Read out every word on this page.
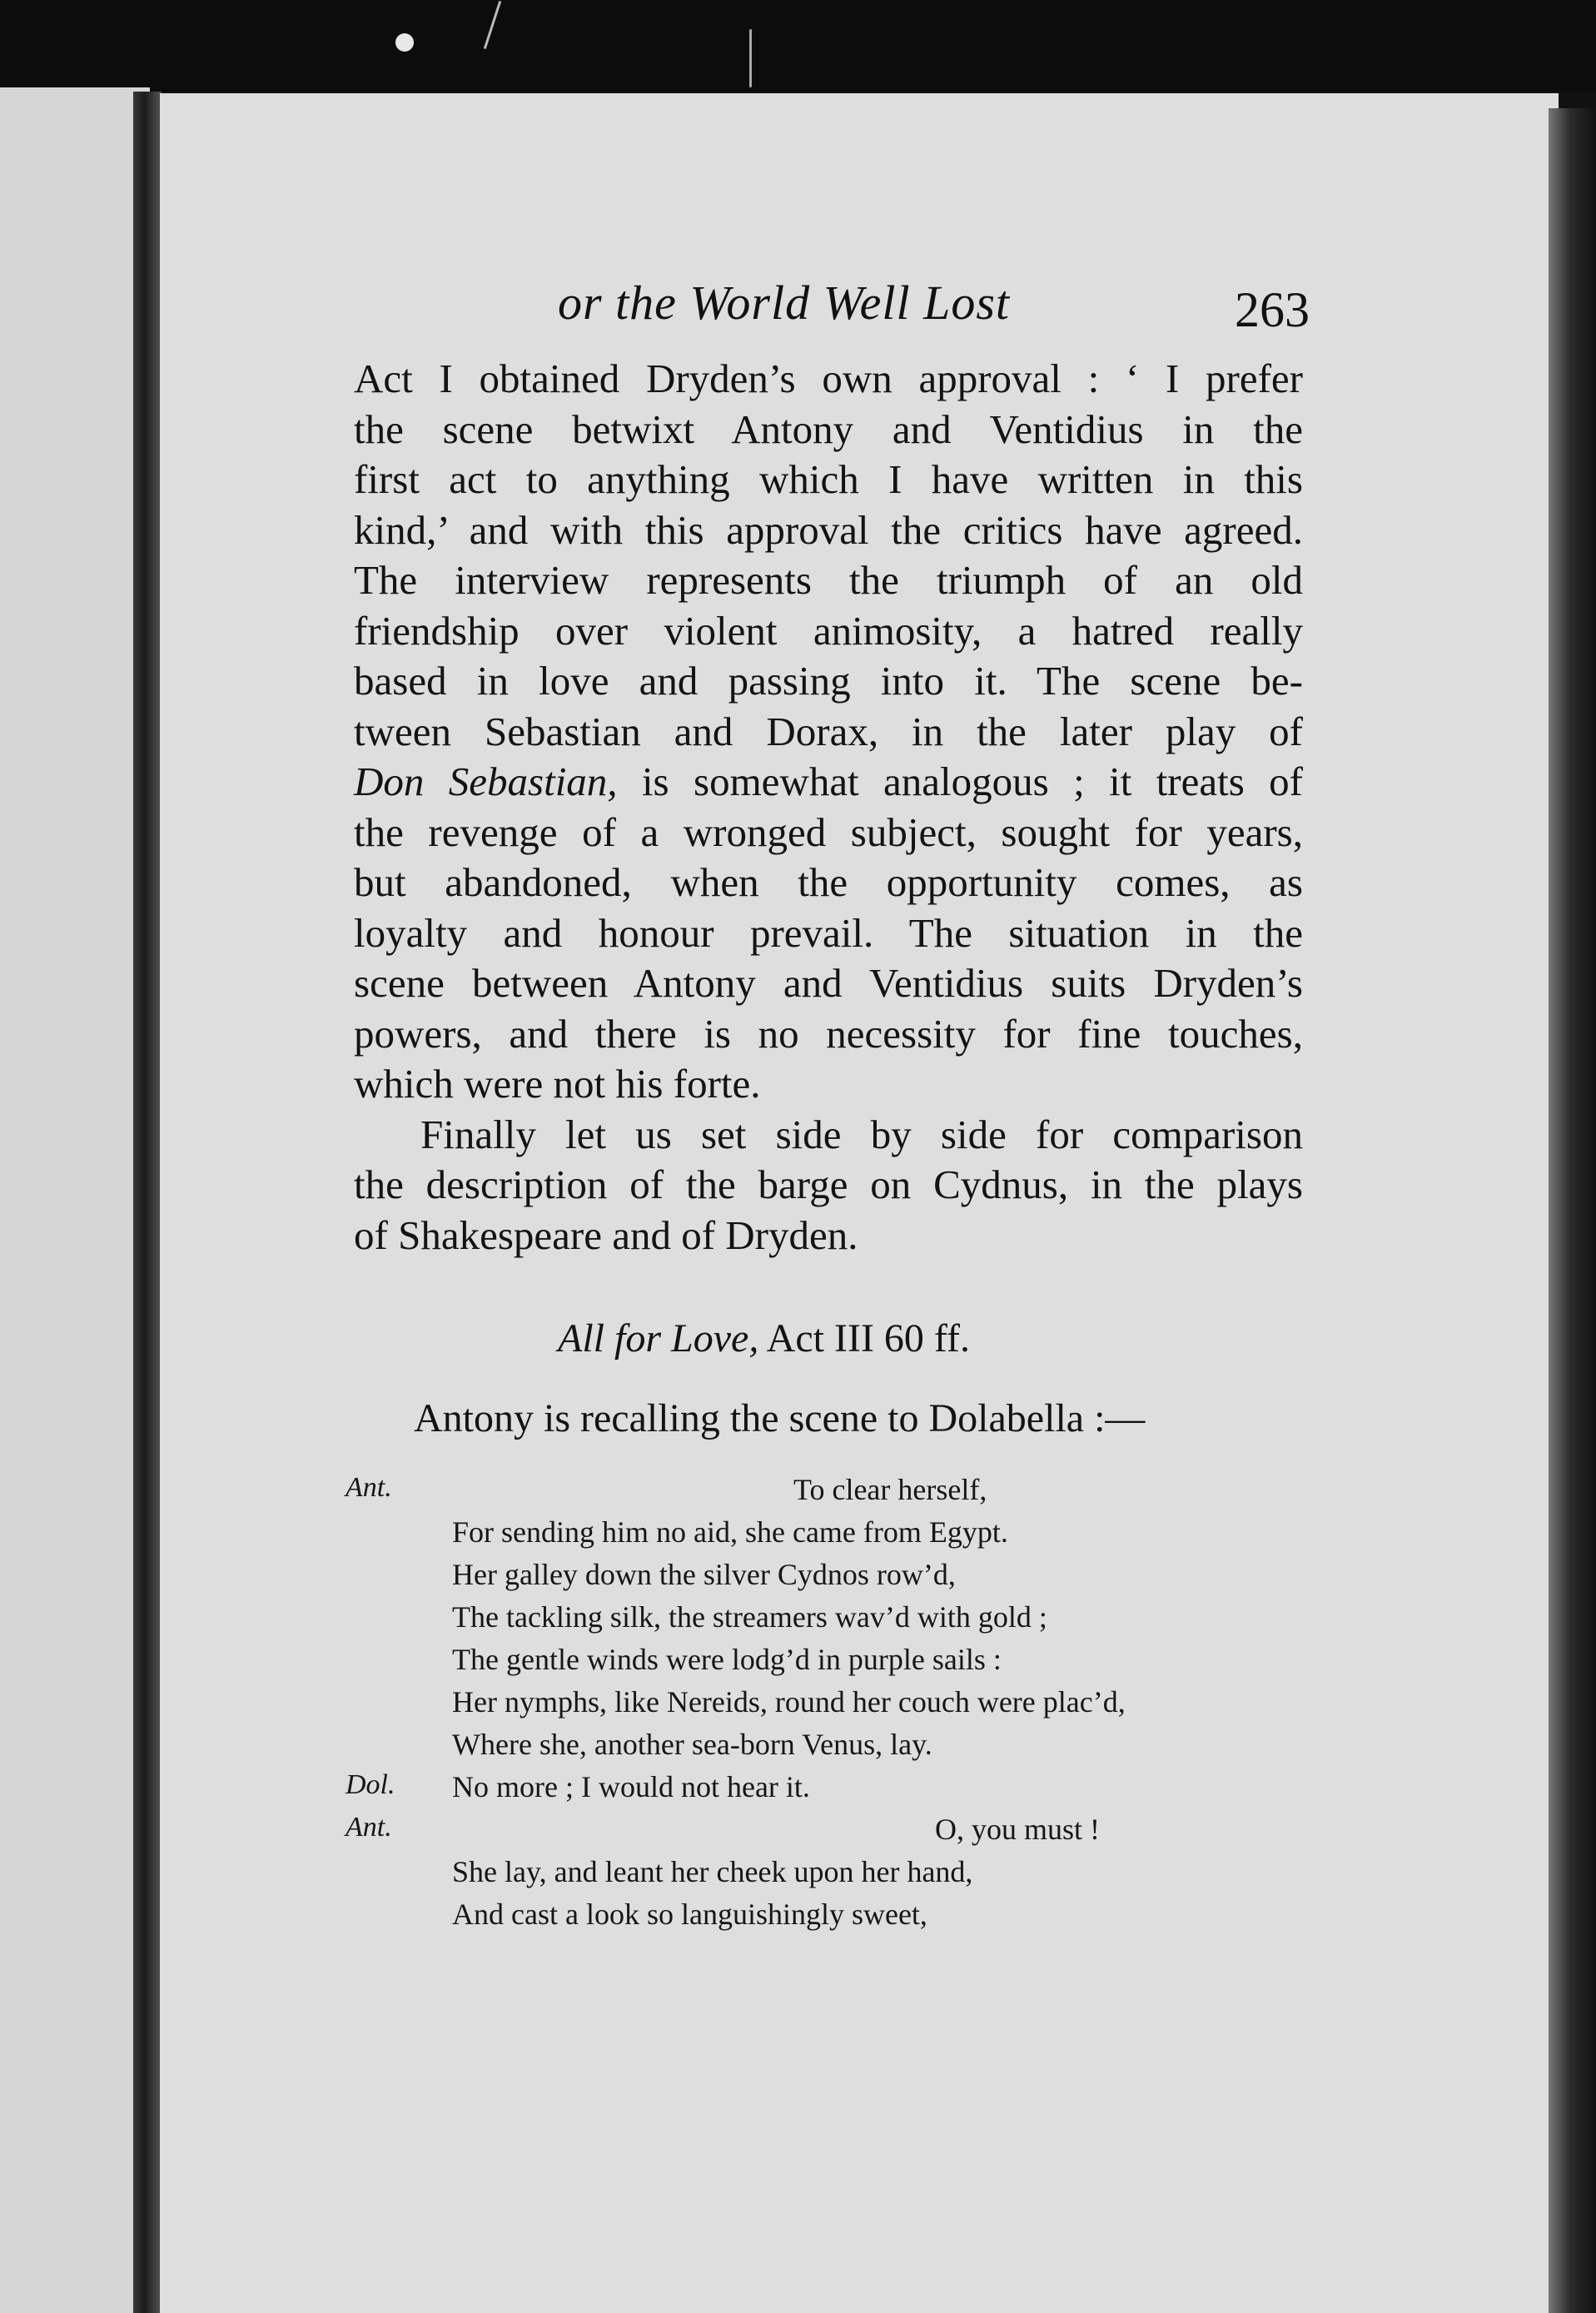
or the World Well Lost	263

Act I obtained Dryden’s own approval : ‘ I prefer
the scene betwixt Antony and Ventidius in the
first act to anything which I have written in this
kind,’ and with this approval the critics have agreed.
The interview represents the triumph of an old
friendship over violent animosity, a hatred really
based in love and passing into it. The scene be-
tween Sebastian and Dorax, in the later play of
Don Sebastian, is somewhat analogous ; it treats of
the revenge of a wronged subject, sought for years,
but abandoned, when the opportunity comes, as
loyalty and honour prevail. The situation in the
scene between Antony and Ventidius suits Dryden’s
powers, and there is no necessity for fine touches,
which were not his forte.

Finally let us set side by side for comparison
the description of the barge on Cydnus, in the plays
of Shakespeare and of Dryden.

All for Love, Act III 60 ff.
Antony is recalling the scene to Dolabella :—
Ant.	To clear herself,
For sending him no aid, she came from Egypt.
Her galley down the silver Cydnos row’d,
The tackling silk, the streamers wav’d with gold ;
The gentle winds were lodg’d in purple sails :
Her nymphs, like Nereids, round her couch were plac’d,
Where she, another sea-born Venus, lay.
Dol. No more ; I would not hear it.
Ant.	O, you must !
She lay, and leant her cheek upon her hand,
And cast a look so languishingly sweet,
